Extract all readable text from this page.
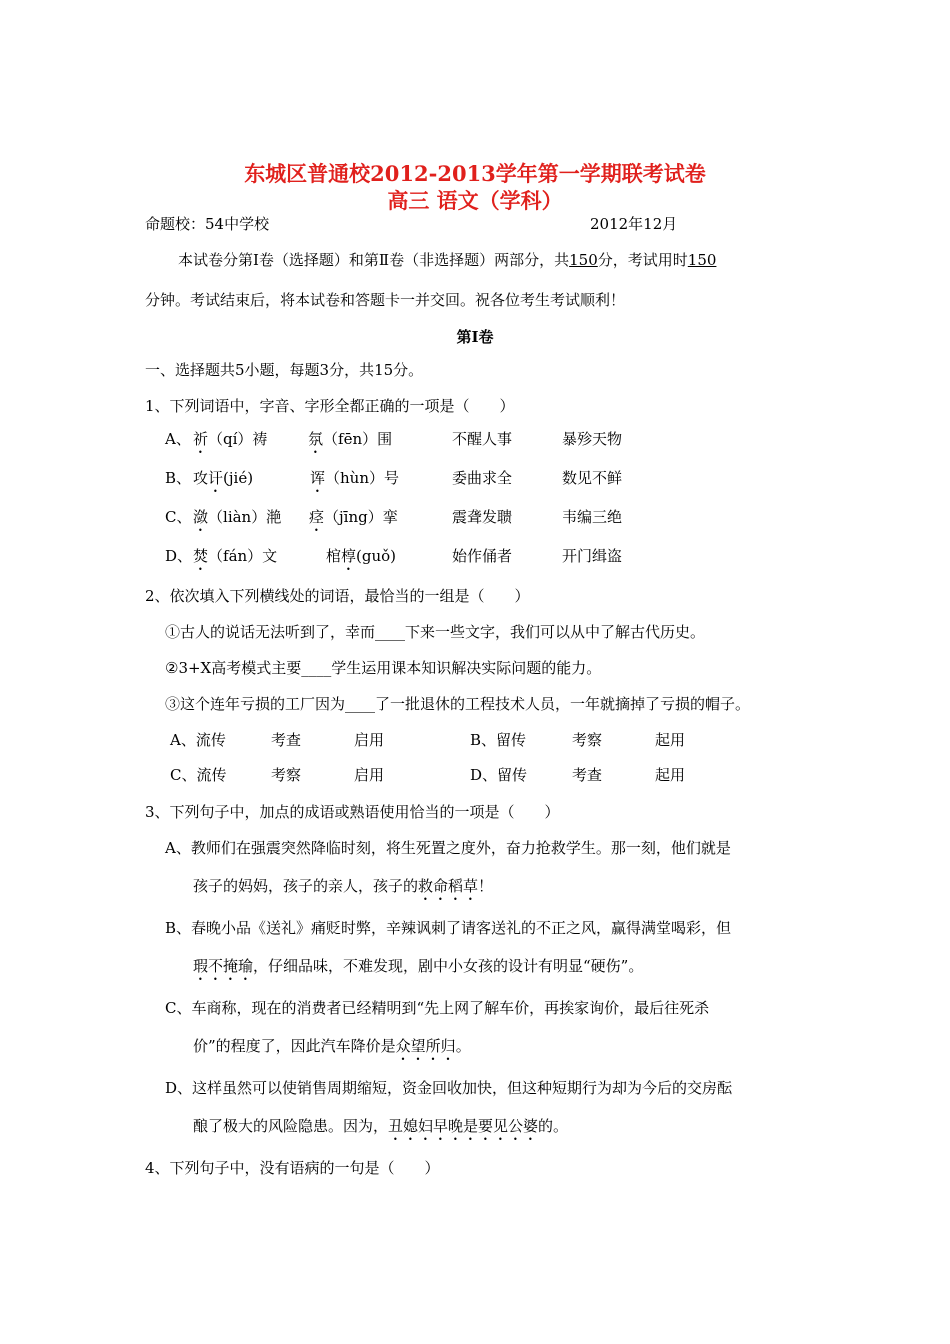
东城区普通校2012-2013学年第一学期联考试卷
高三 语文（学科）
命题校：54中学校	2012年12月
本试卷分第Ⅰ卷（选择题）和第Ⅱ卷（非选择题）两部分，共150分，考试用时150
分钟。考试结束后，将本试卷和答题卡一并交回。祝各位考生考试顺利！
第Ⅰ卷
一、选择题共5小题，每题3分，共15分。
1、下列词语中，字音、字形全都正确的一项是（　　）
A、 祈（qí）祷	氛（fēn）围	不醒人事	暴殄天物
B、 攻讦(jié)	诨（hùn）号	委曲求全	数见不鲜
C、 潋（liàn）滟 痉（jīng）挛	震聋发聩	韦编三绝
D、 焚（fán）文	棺椁(guǒ)	始作俑者	开门缉盗
2、依次填入下列横线处的词语，最恰当的一组是（　　）
①古人的说话无法听到了，幸而____下来一些文字，我们可以从中了解古代历史。
②3+X高考模式主要____学生运用课本知识解决实际问题的能力。
③这个连年亏损的工厂因为____了一批退休的工程技术人员，一年就摘掉了亏损的帽子。
A、流传	考查	启用	B、留传	考察	起用
C、流传	考察	启用	D、留传	考查	起用
3、下列句子中，加点的成语或熟语使用恰当的一项是（　　）
A、教师们在强震突然降临时刻，将生死置之度外，奋力抢救学生。那一刻，他们就是
孩子的妈妈，孩子的亲人，孩子的救命稻草！
B、春晚小品《送礼》痛贬时弊，辛辣讽刺了请客送礼的不正之风，赢得满堂喝彩，但
瑕不掩瑜，仔细品味，不难发现，剧中小女孩的设计有明显“硬伤”。
C、车商称，现在的消费者已经精明到“先上网了解车价，再挨家询价，最后往死杀
价”的程度了，因此汽车降价是众望所归。
D、这样虽然可以使销售周期缩短，资金回收加快，但这种短期行为却为今后的交房酝
酿了极大的风险隐患。因为，丑媳妇早晚是要见公婆的。
4、下列句子中，没有语病的一句是（　　）
